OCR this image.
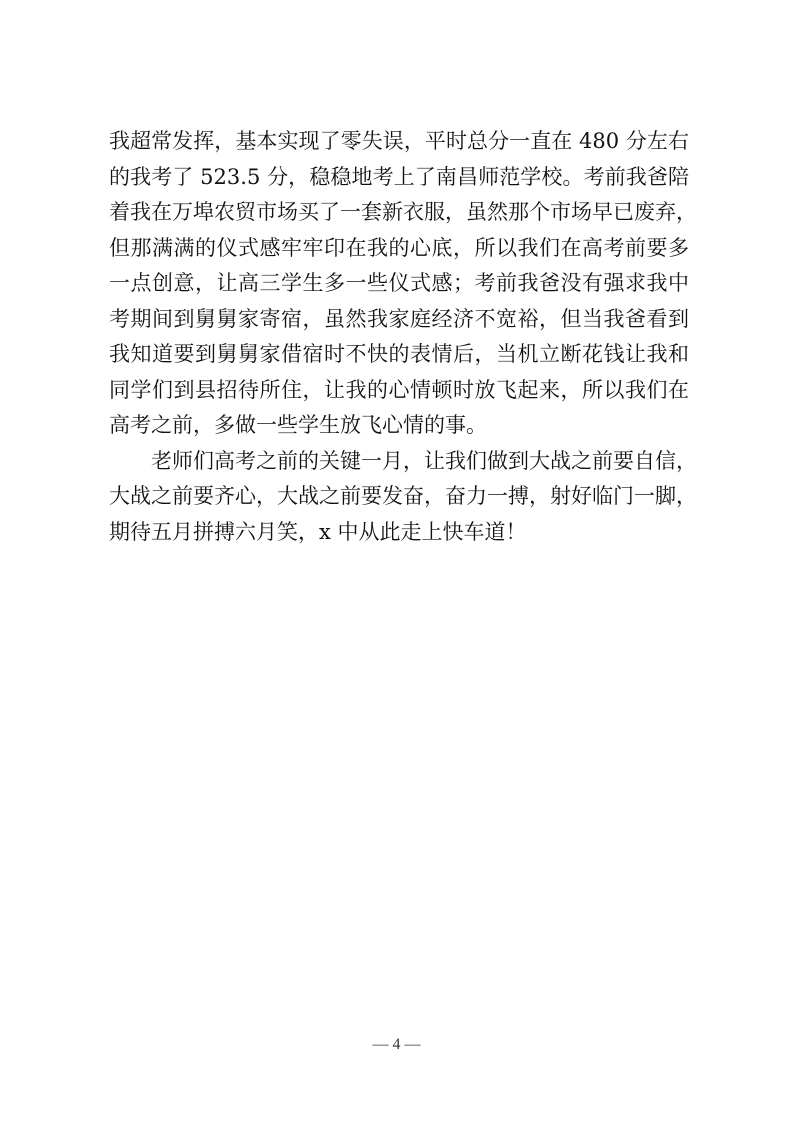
我超常发挥，基本实现了零失误，平时总分一直在 480 分左右
的我考了 523.5 分，稳稳地考上了南昌师范学校。考前我爸陪
着我在万埠农贸市场买了一套新衣服，虽然那个市场早已废弃，
但那满满的仪式感牢牢印在我的心底，所以我们在高考前要多
一点创意，让高三学生多一些仪式感；考前我爸没有强求我中
考期间到舅舅家寄宿，虽然我家庭经济不宽裕，但当我爸看到
我知道要到舅舅家借宿时不快的表情后，当机立断花钱让我和
同学们到县招待所住，让我的心情顿时放飞起来，所以我们在
高考之前，多做一些学生放飞心情的事。

老师们高考之前的关键一月，让我们做到大战之前要自信，
大战之前要齐心，大战之前要发奋，奋力一搏，射好临门一脚，
期待五月拼搏六月笑，x 中从此走上快车道！

— 4 —
